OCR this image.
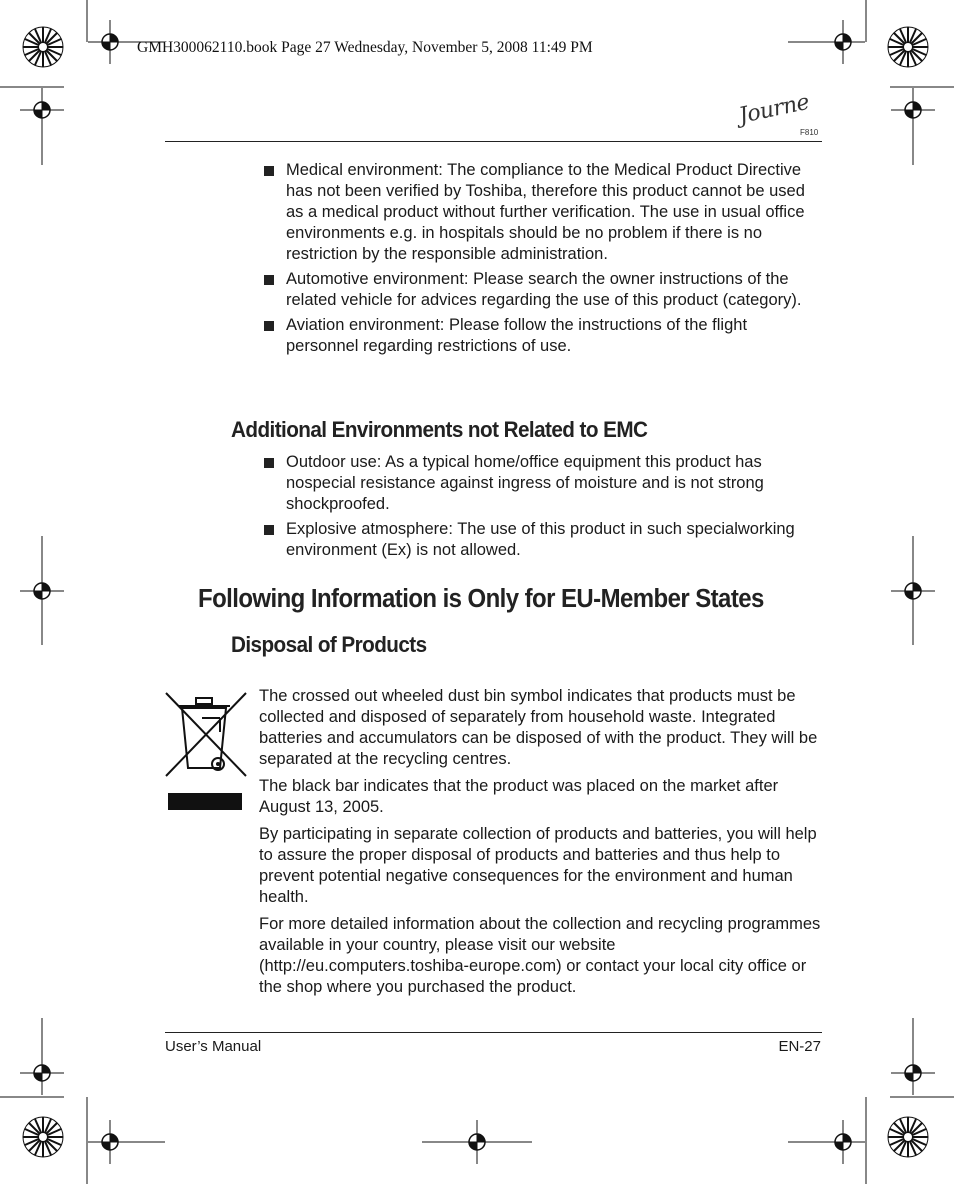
GMH300062110.book Page 27 Wednesday, November 5, 2008 11:49 PM
Journe
F810
Medical environment: The compliance to the Medical Product Directive has not been verified by Toshiba, therefore this product cannot be used as a medical product without further verification. The use in usual office environments e.g. in hospitals should be no problem if there is no restriction by the responsible administration.
Automotive environment: Please search the owner instructions of the related vehicle for advices regarding the use of this product (category).
Aviation environment: Please follow the instructions of the flight personnel regarding restrictions of use.
Additional Environments not Related to EMC
Outdoor use: As a typical home/office equipment this product has nospecial resistance against ingress of moisture and is not strong shockproofed.
Explosive atmosphere: The use of this product in such specialworking environment (Ex) is not allowed.
Following Information is Only for EU-Member States
Disposal of Products

The crossed out wheeled dust bin symbol indicates that products must be collected and disposed of separately from household waste. Integrated batteries and accumulators can be disposed of with the product. They will be separated at the recycling centres.

The black bar indicates that the product was placed on the market after August 13, 2005.

By participating in separate collection of products and batteries, you will help to assure the proper disposal of products and batteries and thus help to prevent potential negative consequences for the environment and human health.

For more detailed information about the collection and recycling programmes available in your country, please visit our website (http://eu.computers.toshiba-europe.com) or contact your local city office or the shop where you purchased the product.

User’s Manual	EN-27
